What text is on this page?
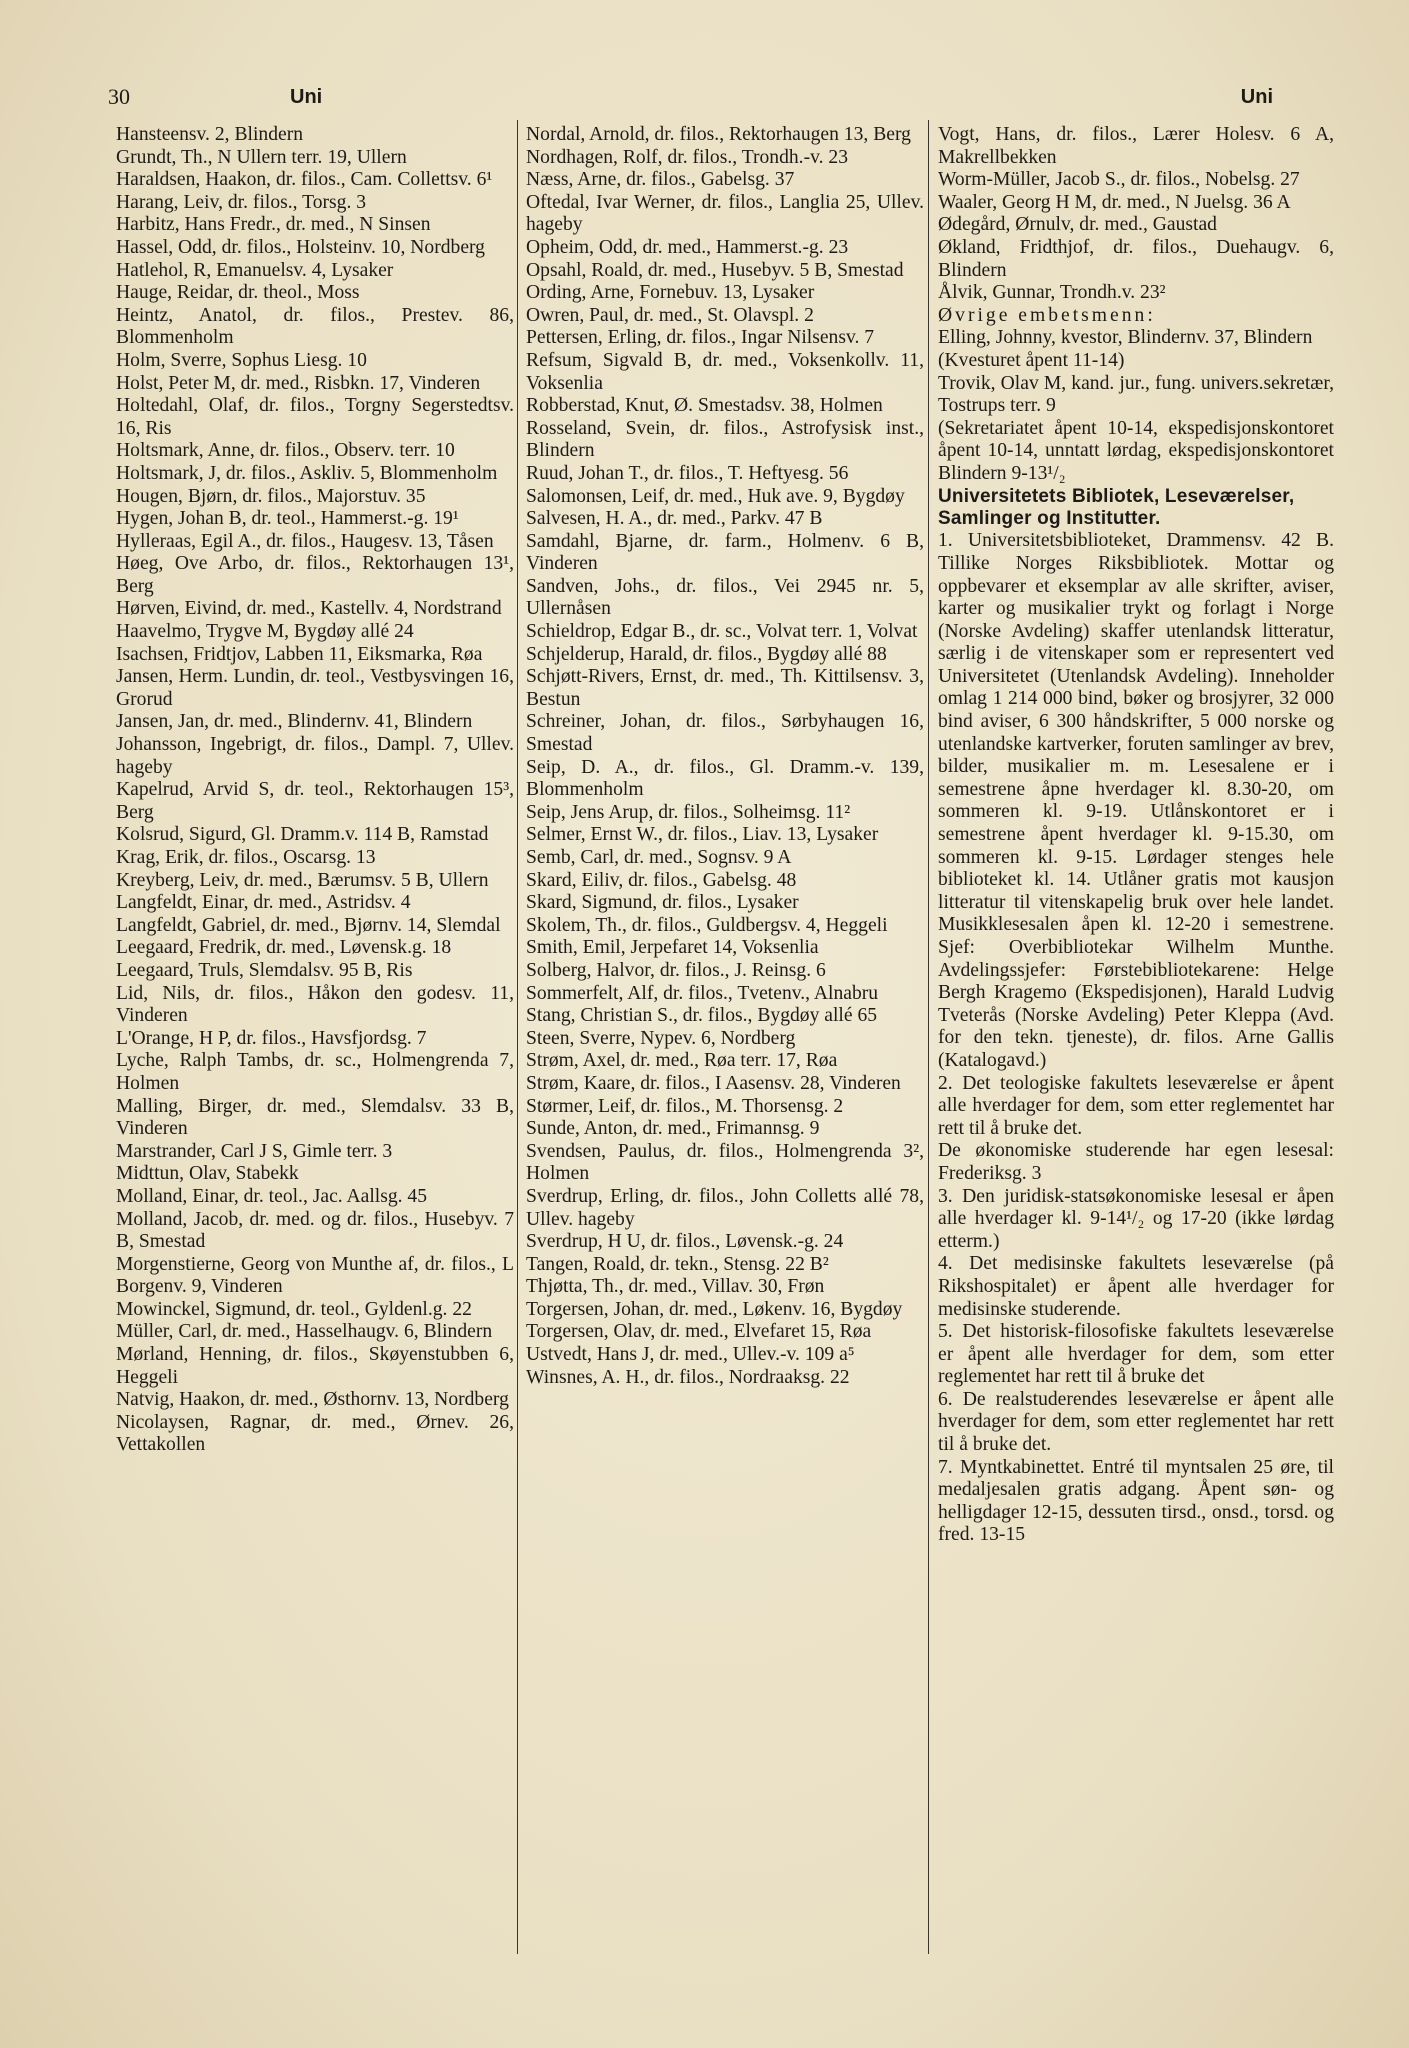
30	Uni	Uni

Hansteensv. 2, Blindern

Grundt, Th., N Ullern terr. 19, Ullern

Haraldsen, Haakon, dr. filos., Cam. Collettsv. 6¹

Harang, Leiv, dr. filos., Torsg. 3

Harbitz, Hans Fredr., dr. med., N Sinsen

Hassel, Odd, dr. filos., Holsteinv. 10, Nordberg

Hatlehol, R, Emanuelsv. 4, Lysaker

Hauge, Reidar, dr. theol., Moss

Heintz, Anatol, dr. filos., Prestev. 86, Blommenholm

Holm, Sverre, Sophus Liesg. 10

Holst, Peter M, dr. med., Risbkn. 17, Vinderen

Holtedahl, Olaf, dr. filos., Torgny Segerstedtsv. 16, Ris

Holtsmark, Anne, dr. filos., Observ. terr. 10

Holtsmark, J, dr. filos., Askliv. 5, Blommenholm

Hougen, Bjørn, dr. filos., Majorstuv. 35

Hygen, Johan B, dr. teol., Hammerst.-g. 19¹

Hylleraas, Egil A., dr. filos., Haugesv. 13, Tåsen

Høeg, Ove Arbo, dr. filos., Rektorhaugen 13¹, Berg

Hørven, Eivind, dr. med., Kastellv. 4, Nordstrand

Haavelmo, Trygve M, Bygdøy allé 24

Isachsen, Fridtjov, Labben 11, Eiksmarka, Røa

Jansen, Herm. Lundin, dr. teol., Vestbysvingen 16, Grorud

Jansen, Jan, dr. med., Blindernv. 41, Blindern

Johansson, Ingebrigt, dr. filos., Dampl. 7, Ullev. hageby

Kapelrud, Arvid S, dr. teol., Rektorhaugen 15³, Berg

Kolsrud, Sigurd, Gl. Dramm.v. 114 B, Ramstad

Krag, Erik, dr. filos., Oscarsg. 13

Kreyberg, Leiv, dr. med., Bærumsv. 5 B, Ullern

Langfeldt, Einar, dr. med., Astridsv. 4

Langfeldt, Gabriel, dr. med., Bjørnv. 14, Slemdal

Leegaard, Fredrik, dr. med., Løvensk.g. 18

Leegaard, Truls, Slemdalsv. 95 B, Ris

Lid, Nils, dr. filos., Håkon den godesv. 11, Vinderen

L'Orange, H P, dr. filos., Havsfjordsg. 7

Lyche, Ralph Tambs, dr. sc., Holmengrenda 7, Holmen

Malling, Birger, dr. med., Slemdalsv. 33 B, Vinderen

Marstrander, Carl J S, Gimle terr. 3

Midttun, Olav, Stabekk

Molland, Einar, dr. teol., Jac. Aallsg. 45

Molland, Jacob, dr. med. og dr. filos., Husebyv. 7 B, Smestad

Morgenstierne, Georg von Munthe af, dr. filos., L Borgenv. 9, Vinderen

Mowinckel, Sigmund, dr. teol., Gyldenl.g. 22

Müller, Carl, dr. med., Hasselhaugv. 6, Blindern

Mørland, Henning, dr. filos., Skøyenstubben 6, Heggeli

Natvig, Haakon, dr. med., Østhornv. 13, Nordberg

Nicolaysen, Ragnar, dr. med., Ørnev. 26, Vettakollen

Nordal, Arnold, dr. filos., Rektorhaugen 13, Berg

Nordhagen, Rolf, dr. filos., Trondh.-v. 23

Næss, Arne, dr. filos., Gabelsg. 37

Oftedal, Ivar Werner, dr. filos., Langlia 25, Ullev. hageby

Opheim, Odd, dr. med., Hammerst.-g. 23

Opsahl, Roald, dr. med., Husebyv. 5 B, Smestad

Ording, Arne, Fornebuv. 13, Lysaker

Owren, Paul, dr. med., St. Olavspl. 2

Pettersen, Erling, dr. filos., Ingar Nilsensv. 7

Refsum, Sigvald B, dr. med., Voksenkollv. 11, Voksenlia

Robberstad, Knut, Ø. Smestadsv. 38, Holmen

Rosseland, Svein, dr. filos., Astrofysisk inst., Blindern

Ruud, Johan T., dr. filos., T. Heftyesg. 56

Salomonsen, Leif, dr. med., Huk ave. 9, Bygdøy

Salvesen, H. A., dr. med., Parkv. 47 B

Samdahl, Bjarne, dr. farm., Holmenv. 6 B, Vinderen

Sandven, Johs., dr. filos., Vei 2945 nr. 5, Ullernåsen

Schieldrop, Edgar B., dr. sc., Volvat terr. 1, Volvat

Schjelderup, Harald, dr. filos., Bygdøy allé 88

Schjøtt-Rivers, Ernst, dr. med., Th. Kittilsensv. 3, Bestun

Schreiner, Johan, dr. filos., Sørbyhaugen 16, Smestad

Seip, D. A., dr. filos., Gl. Dramm.-v. 139, Blommenholm

Seip, Jens Arup, dr. filos., Solheimsg. 11²

Selmer, Ernst W., dr. filos., Liav. 13, Lysaker

Semb, Carl, dr. med., Sognsv. 9 A

Skard, Eiliv, dr. filos., Gabelsg. 48

Skard, Sigmund, dr. filos., Lysaker

Skolem, Th., dr. filos., Guldbergsv. 4, Heggeli

Smith, Emil, Jerpefaret 14, Voksenlia

Solberg, Halvor, dr. filos., J. Reinsg. 6

Sommerfelt, Alf, dr. filos., Tvetenv., Alnabru

Stang, Christian S., dr. filos., Bygdøy allé 65

Steen, Sverre, Nypev. 6, Nordberg

Strøm, Axel, dr. med., Røa terr. 17, Røa

Strøm, Kaare, dr. filos., I Aasensv. 28, Vinderen

Størmer, Leif, dr. filos., M. Thorsensg. 2

Sunde, Anton, dr. med., Frimannsg. 9

Svendsen, Paulus, dr. filos., Holmengrenda 3², Holmen

Sverdrup, Erling, dr. filos., John Colletts allé 78, Ullev. hageby

Sverdrup, H U, dr. filos., Løvensk.-g. 24

Tangen, Roald, dr. tekn., Stensg. 22 B²

Thjøtta, Th., dr. med., Villav. 30, Frøn

Torgersen, Johan, dr. med., Løkenv. 16, Bygdøy

Torgersen, Olav, dr. med., Elvefaret 15, Røa

Ustvedt, Hans J, dr. med., Ullev.-v. 109 a⁵

Winsnes, A. H., dr. filos., Nordraaksg. 22

Vogt, Hans, dr. filos., Lærer Holesv. 6 A, Makrellbekken

Worm-Müller, Jacob S., dr. filos., Nobelsg. 27

Waaler, Georg H M, dr. med., N Juelsg. 36 A

Ødegård, Ørnulv, dr. med., Gaustad

Økland, Fridthjof, dr. filos., Duehaugv. 6, Blindern

Ålvik, Gunnar, Trondh.v. 23²

Øvrige embetsmenn:

Elling, Johnny, kvestor, Blindernv. 37, Blindern

(Kvesturet åpent 11-14)

Trovik, Olav M, kand. jur., fung. univers.sekretær, Tostrups terr. 9

(Sekretariatet åpent 10-14, ekspedisjonskontoret åpent 10-14, unntatt lørdag, ekspedisjonskontoret Blindern 9-13¹/₂

Universitetets Bibliotek, Leseværelser, Samlinger og Institutter.

1. Universitetsbiblioteket, Drammensv. 42 B. Tillike Norges Riksbibliotek. Mottar og oppbevarer et eksemplar av alle skrifter, aviser, karter og musikalier trykt og forlagt i Norge (Norske Avdeling) skaffer utenlandsk litteratur, særlig i de vitenskaper som er representert ved Universitetet (Utenlandsk Avdeling). Inneholder omlag 1 214 000 bind, bøker og brosjyrer, 32 000 bind aviser, 6 300 håndskrifter, 5 000 norske og utenlandske kartverker, foruten samlinger av brev, bilder, musikalier m. m. Lesesalene er i semestrene åpne hverdager kl. 8.30-20, om sommeren kl. 9-19. Utlånskontoret er i semestrene åpent hverdager kl. 9-15.30, om sommeren kl. 9-15. Lørdager stenges hele biblioteket kl. 14. Utlåner gratis mot kausjon litteratur til vitenskapelig bruk over hele landet. Musikklesesalen åpen kl. 12-20 i semestrene. Sjef: Overbibliotekar Wilhelm Munthe. Avdelingssjefer: Førstebibliotekarene: Helge Bergh Kragemo (Ekspedisjonen), Harald Ludvig Tveterås (Norske Avdeling) Peter Kleppa (Avd. for den tekn. tjeneste), dr. filos. Arne Gallis (Katalogavd.)

2. Det teologiske fakultets leseværelse er åpent alle hverdager for dem, som etter reglementet har rett til å bruke det.

De økonomiske studerende har egen lesesal: Frederiksg. 3

3. Den juridisk-statsøkonomiske lesesal er åpen alle hverdager kl. 9-14¹/₂ og 17-20 (ikke lørdag etterm.)

4. Det medisinske fakultets leseværelse (på Rikshospitalet) er åpent alle hverdager for medisinske studerende.

5. Det historisk-filosofiske fakultets leseværelse er åpent alle hverdager for dem, som etter reglementet har rett til å bruke det

6. De realstuderendes leseværelse er åpent alle hverdager for dem, som etter reglementet har rett til å bruke det.

7. Myntkabinettet. Entré til myntsalen 25 øre, til medaljesalen gratis adgang. Åpent søn- og helligdager 12-15, dessuten tirsd., onsd., torsd. og fred. 13-15
